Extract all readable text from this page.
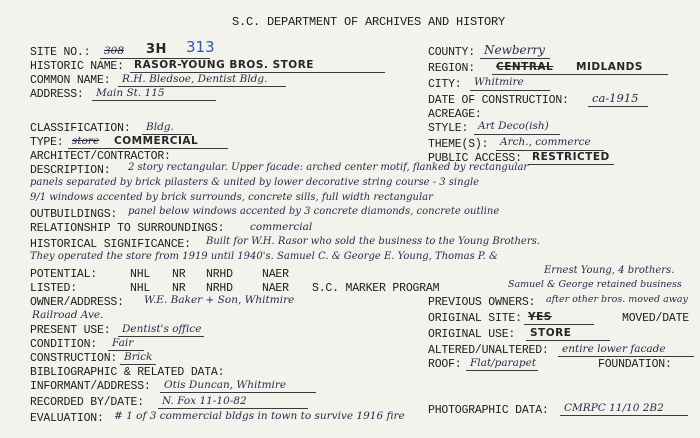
S.C. DEPARTMENT OF ARCHIVES AND HISTORY
SITE NO.: 308 3H 313
HISTORIC NAME: RASOR-YOUNG BROS. STORE
COMMON NAME: R.H. Bledsoe, Dentist Bldg.
ADDRESS: Main St. 115
CLASSIFICATION: Bldg.
TYPE: store COMMERCIAL
ARCHITECT/CONTRACTOR:
DESCRIPTION: 2 story rectangular. Upper facade: arched center motif, flanked by rectangular
panels separated by brick pilasters & united by lower decorative string course - 3 single
9/1 windows accented by brick surrounds, concrete sills, full width rectangular
OUTBUILDINGS: panel below windows accented by 3 concrete diamonds, concrete outline
RELATIONSHIP TO SURROUNDINGS: commercial
HISTORICAL SIGNIFICANCE: Built for W.H. Rasor who sold the business to the Young Brothers.
They operated the store from 1919 until 1940's. Samuel C. & George E. Young, Thomas P. &
POTENTIAL:	NHL NR NRHD	NAER
LISTED:	NHL NR NRHD	NAER S.C. MARKER PROGRAM
OWNER/ADDRESS: W.E. Baker + Son, Whitmire
Railroad Ave.
PRESENT USE: Dentist's office
CONDITION: Fair
CONSTRUCTION: Brick
BIBLIOGRAPHIC & RELATED DATA:
INFORMANT/ADDRESS: Otis Duncan, Whitmire
RECORDED BY/DATE: N. Fox 11-10-82
EVALUATION: # 1 of 3 commercial bldgs in town to survive 1916 fire
COUNTY: Newberry
REGION: CENTRAL MIDLANDS
CITY: Whitmire
DATE OF CONSTRUCTION: ca-1915
ACREAGE:
STYLE: Art Deco(ish)
THEME(S): Arch., commerce
PUBLIC ACCESS: RESTRICTED
Ernest Young, 4 brothers.
Samuel & George retained business
PREVIOUS OWNERS: after other bros. moved away
ORIGINAL SITE: YES	MOVED/DATE
ORIGINAL USE: STORE
ALTERED/UNALTERED: entire lower facade
ROOF: Flat/parapet	FOUNDATION:
PHOTOGRAPHIC DATA: CMRPC 11/10 2B2
